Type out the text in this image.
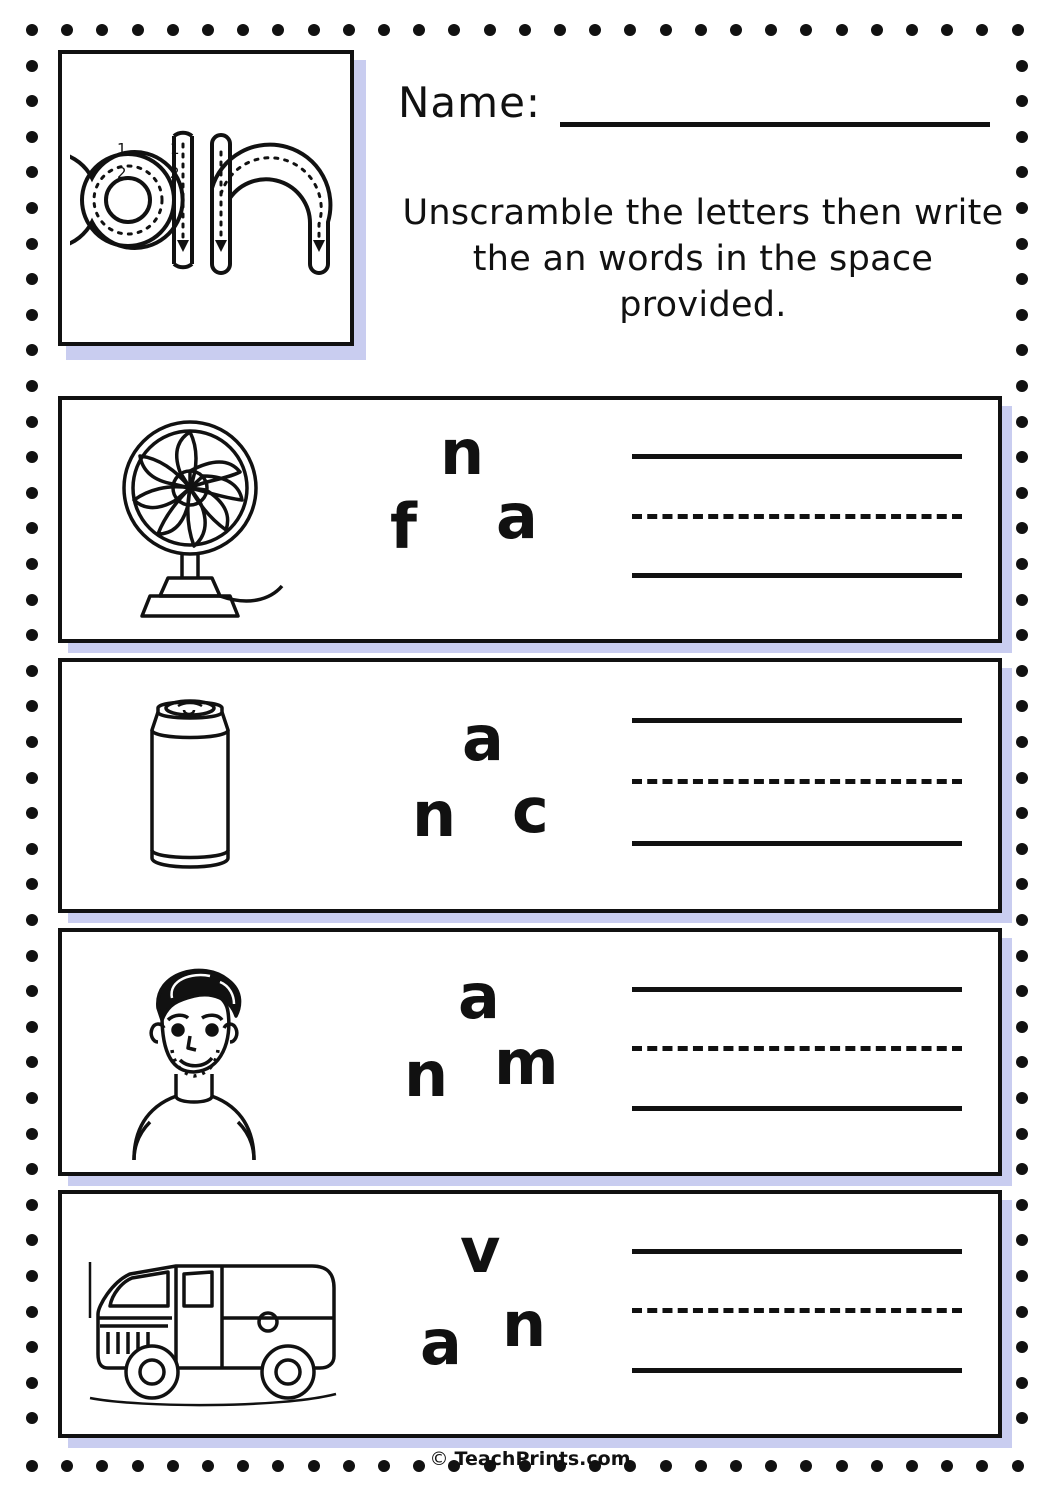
1
2
1
2
Name:
Unscramble the letters then write the an words in the space provided.
n
f a
a
n c
a
n m
v
a n
© TeachPrints.com
